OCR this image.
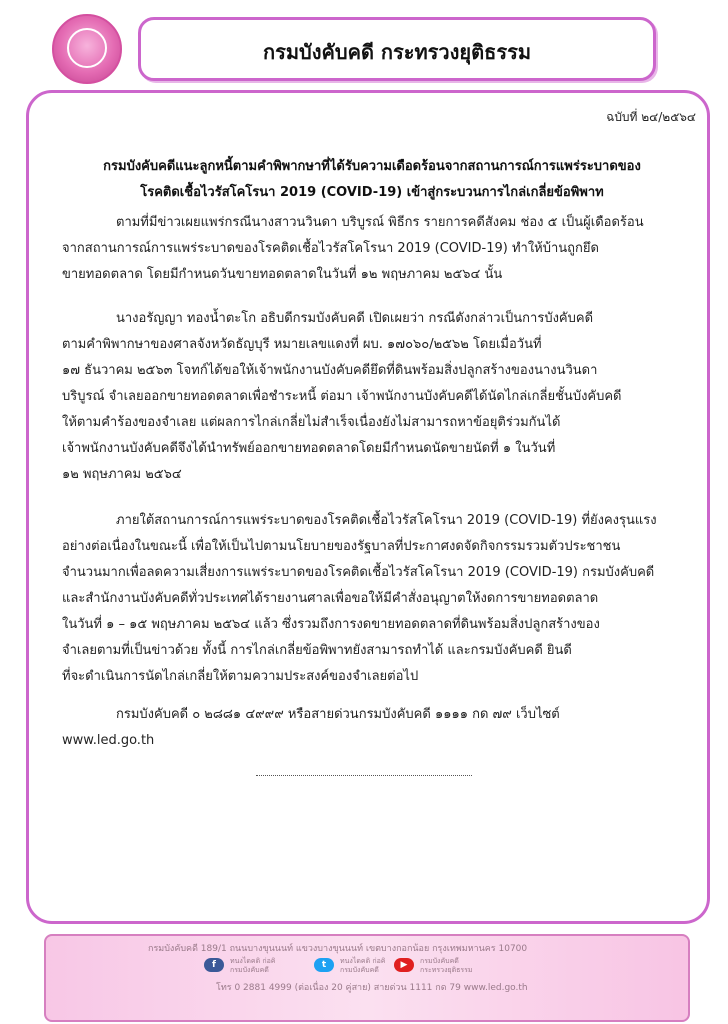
กรมบังคับคดี กระทรวงยุติธรรม
ฉบับที่ ๒๔/๒๕๖๔
กรมบังคับคดีแนะลูกหนี้ตามคำพิพากษาที่ได้รับความเดือดร้อนจากสถานการณ์การแพร่ระบาดของ
โรคติดเชื้อไวรัสโคโรนา 2019 (COVID-19) เข้าสู่กระบวนการไกล่เกลี่ยข้อพิพาท
ตามที่มีข่าวเผยแพร่กรณีนางสาวนวินดา บริบูรณ์ พิธีกร รายการคดีสังคม ช่อง ๕ เป็นผู้เดือดร้อน
จากสถานการณ์การแพร่ระบาดของโรคติดเชื้อไวรัสโคโรนา 2019 (COVID-19) ทำให้บ้านถูกยึด
ขายทอดตลาด โดยมีกำหนดวันขายทอดตลาดในวันที่ ๑๒ พฤษภาคม ๒๕๖๔ นั้น
นางอรัญญา ทองน้ำตะโก อธิบดีกรมบังคับคดี เปิดเผยว่า กรณีดังกล่าวเป็นการบังคับคดี
ตามคำพิพากษาของศาลจังหวัดธัญบุรี หมายเลขแดงที่ ผบ. ๑๗๐๖๐/๒๕๖๒ โดยเมื่อวันที่
๑๗ ธันวาคม ๒๕๖๓ โจทก์ได้ขอให้เจ้าพนักงานบังคับคดียึดที่ดินพร้อมสิ่งปลูกสร้างของนางนวินดา
บริบูรณ์ จำเลยออกขายทอดตลาดเพื่อชำระหนี้ ต่อมา เจ้าพนักงานบังคับคดีได้นัดไกล่เกลี่ยชั้นบังคับคดี
ให้ตามคำร้องของจำเลย แต่ผลการไกล่เกลี่ยไม่สำเร็จเนื่องยังไม่สามารถหาข้อยุติร่วมกันได้
เจ้าพนักงานบังคับคดีจึงได้นำทรัพย์ออกขายทอดตลาดโดยมีกำหนดนัดขายนัดที่ ๑ ในวันที่
๑๒ พฤษภาคม ๒๕๖๔
ภายใต้สถานการณ์การแพร่ระบาดของโรคติดเชื้อไวรัสโคโรนา 2019 (COVID-19) ที่ยังคงรุนแรง
อย่างต่อเนื่องในขณะนี้ เพื่อให้เป็นไปตามนโยบายของรัฐบาลที่ประกาศงดจัดกิจกรรมรวมตัวประชาชน
จำนวนมากเพื่อลดความเสี่ยงการแพร่ระบาดของโรคติดเชื้อไวรัสโคโรนา 2019 (COVID-19) กรมบังคับคดี
และสำนักงานบังคับคดีทั่วประเทศได้รายงานศาลเพื่อขอให้มีคำสั่งอนุญาตให้งดการขายทอดตลาด
ในวันที่ ๑ – ๑๕ พฤษภาคม ๒๕๖๔ แล้ว ซึ่งรวมถึงการงดขายทอดตลาดที่ดินพร้อมสิ่งปลูกสร้างของ
จำเลยตามที่เป็นข่าวด้วย ทั้งนี้ การไกล่เกลี่ยข้อพิพาทยังสามารถทำได้ และกรมบังคับคดี ยินดี
ที่จะดำเนินการนัดไกล่เกลี่ยให้ตามความประสงค์ของจำเลยต่อไป
กรมบังคับคดี ๐ ๒๘๘๑ ๔๙๙๙ หรือสายด่วนกรมบังคับคดี ๑๑๑๑ กด ๗๙ เว็บไซต์
www.led.go.th
กรมบังคับคดี 189/1 ถนนบางขุนนนท์ แขวงบางขุนนนท์ เขตบางกอกน้อย กรุงเทพมหานคร 10700
f	ทนงไดคดิ ก่อคิ
กรมบังคับคดี	t	ทนงไดคดิ ก่อคิ
กรมบังคับคดี	▶	กรมบังคับคดี
กระทรวงยุติธรรม
โทร 0 2881 4999 (ต่อเนื่อง 20 คู่สาย) สายด่วน 1111 กด 79 www.led.go.th
